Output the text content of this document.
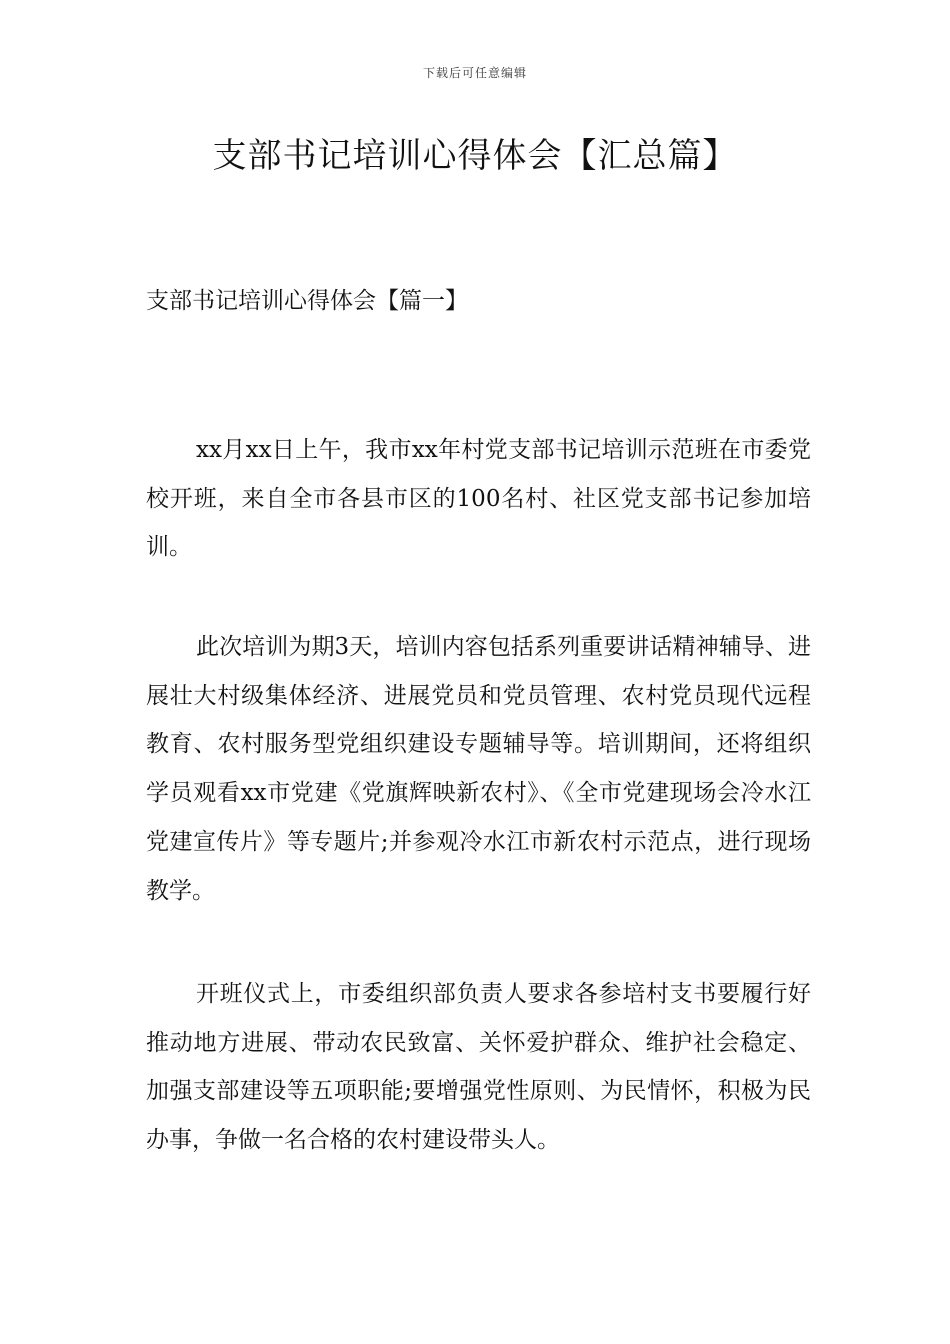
下载后可任意编辑
支部书记培训心得体会【汇总篇】
支部书记培训心得体会【篇一】

xx月xx日上午，我市xx年村党支部书记培训示范班在市委党校开班，来自全市各县市区的100名村、社区党支部书记参加培训。

此次培训为期3天，培训内容包括系列重要讲话精神辅导、进展壮大村级集体经济、进展党员和党员管理、农村党员现代远程教育、农村服务型党组织建设专题辅导等。培训期间，还将组织学员观看xx市党建《党旗辉映新农村》、《全市党建现场会冷水江党建宣传片》等专题片;并参观冷水江市新农村示范点，进行现场教学。

开班仪式上，市委组织部负责人要求各参培村支书要履行好推动地方进展、带动农民致富、关怀爱护群众、维护社会稳定、加强支部建设等五项职能;要增强党性原则、为民情怀，积极为民办事，争做一名合格的农村建设带头人。
